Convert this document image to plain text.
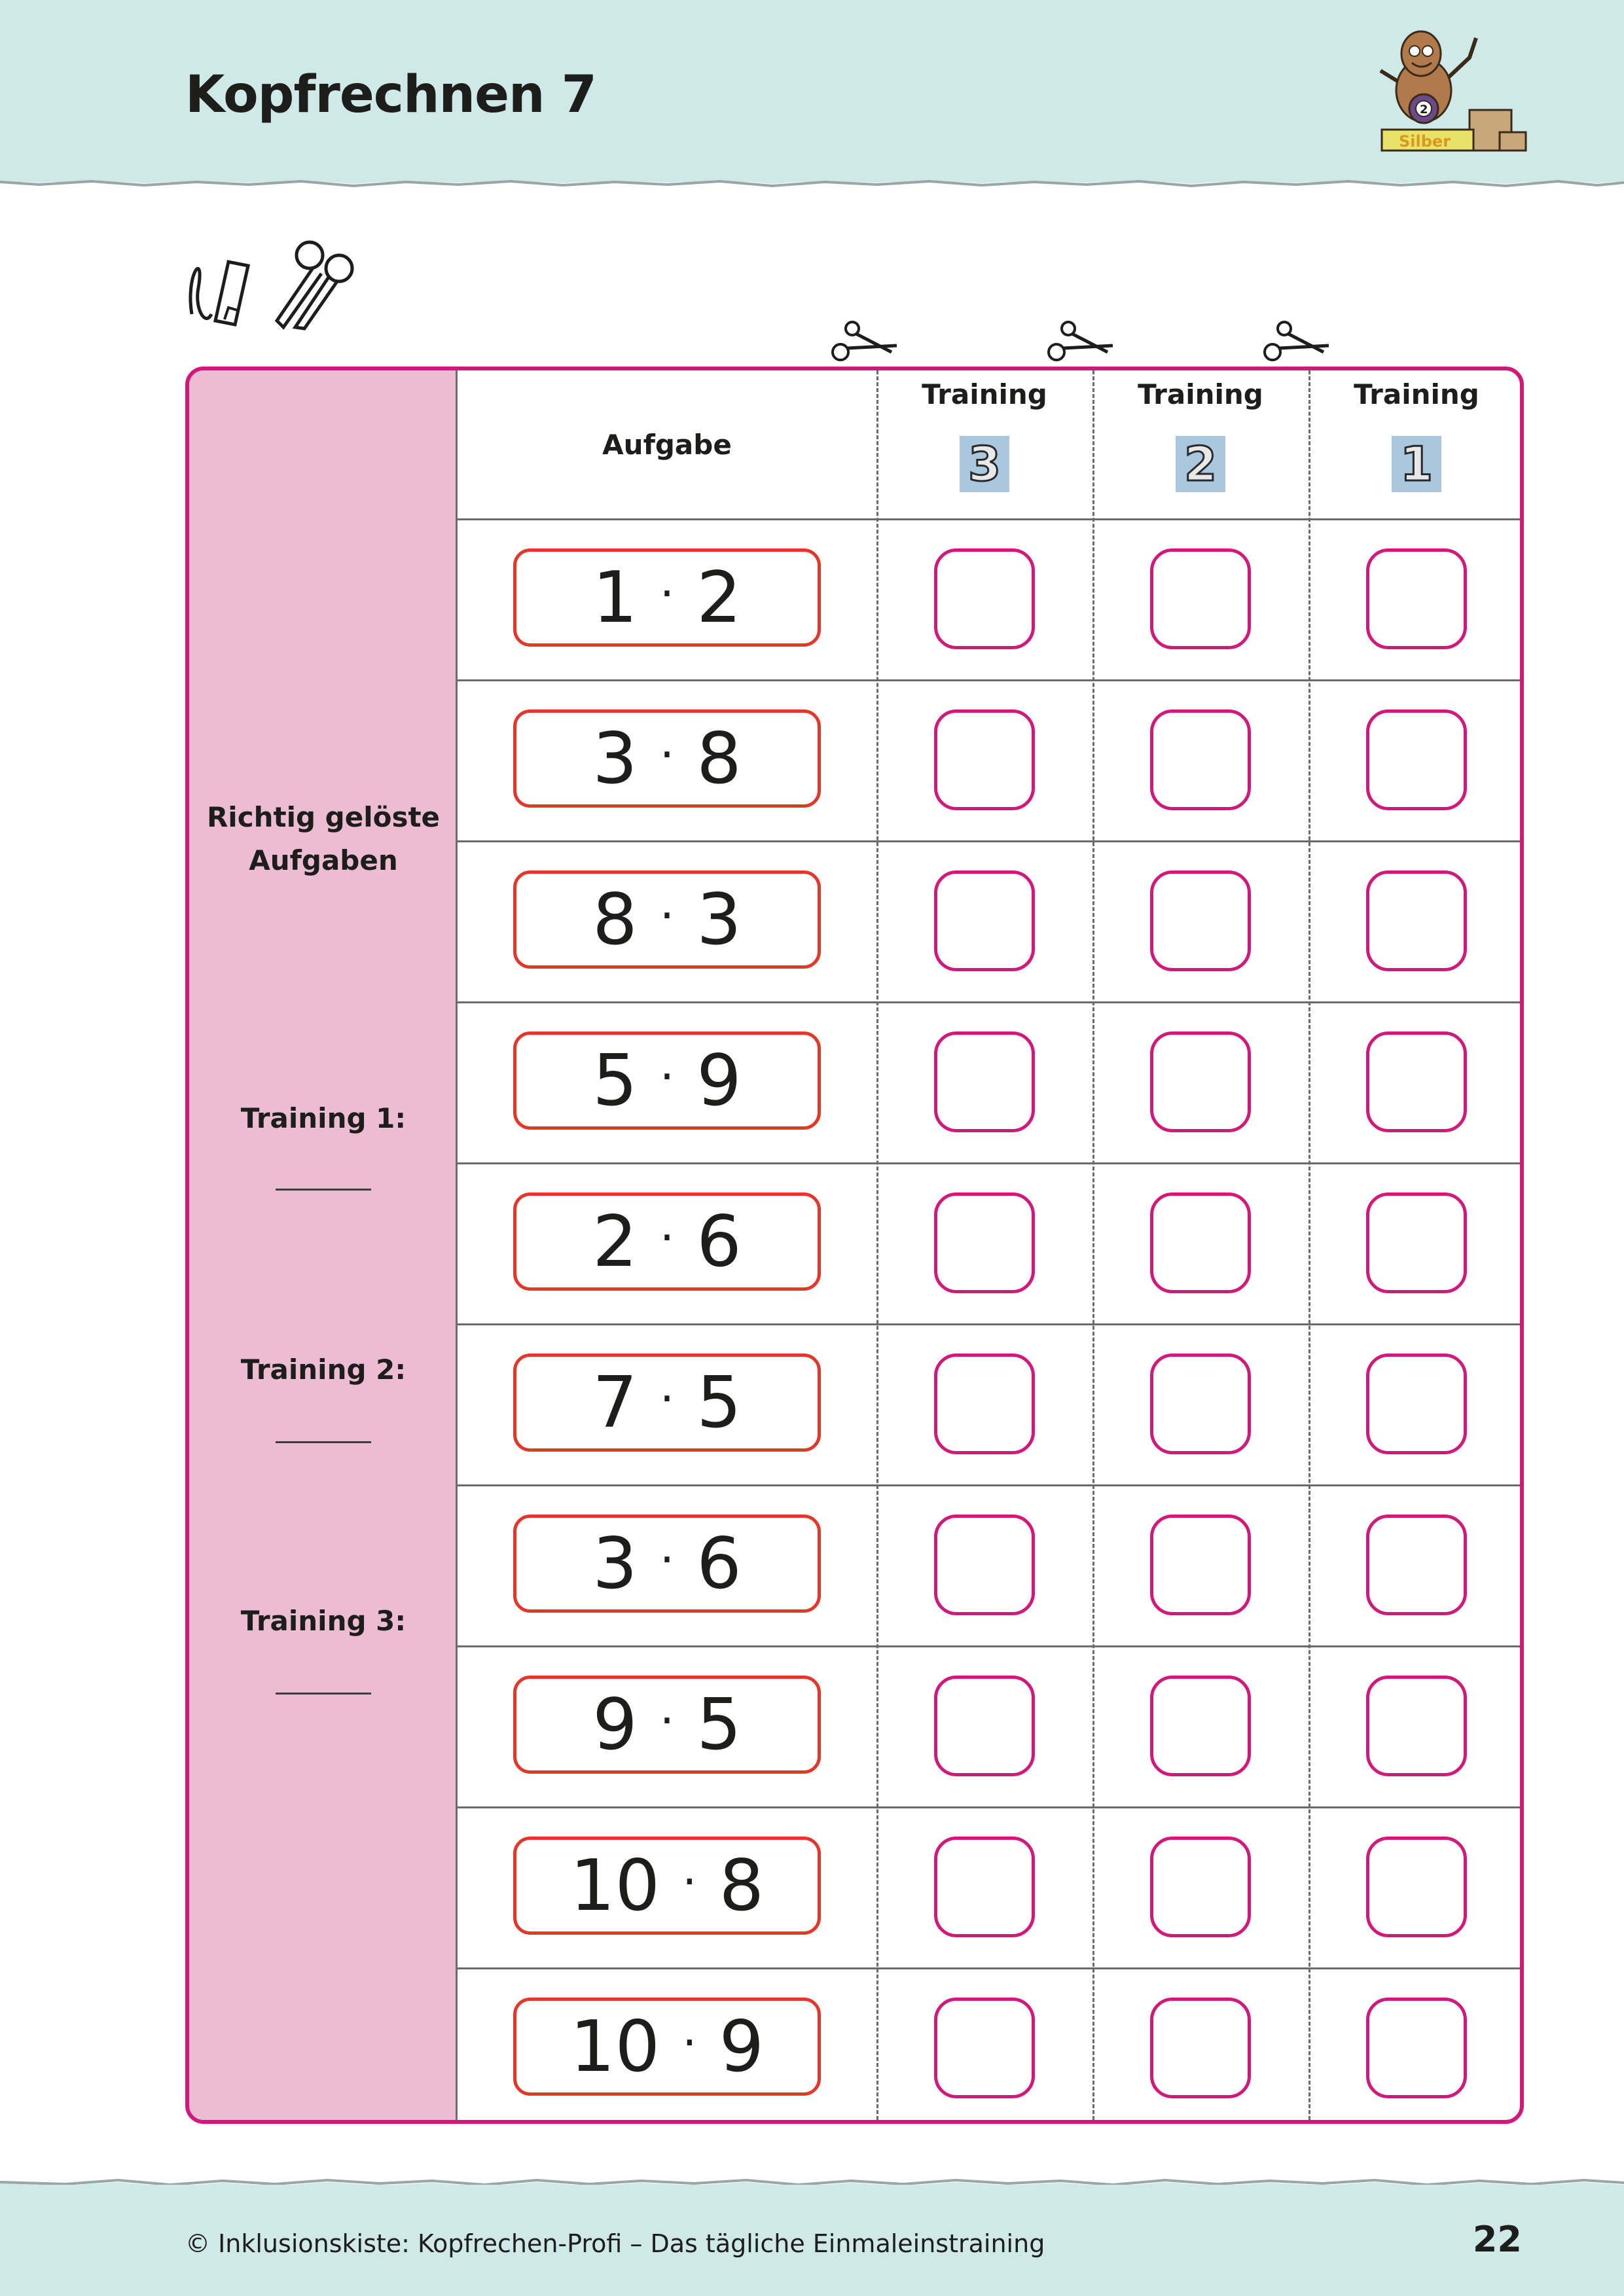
Kopfrechnen 7
Silber
2
Richtig gelöste
Aufgaben
Training 1:
Training 2:
Training 3:
Aufgabe
Training
3
Training
2
Training
1
1 · 2
3 · 8
8 · 3
5 · 9
2 · 6
7 · 5
3 · 6
9 · 5
10 · 8
10 · 9
© Inklusionskiste: Kopfrechen-Profi – Das tägliche Einmaleinstraining	22
